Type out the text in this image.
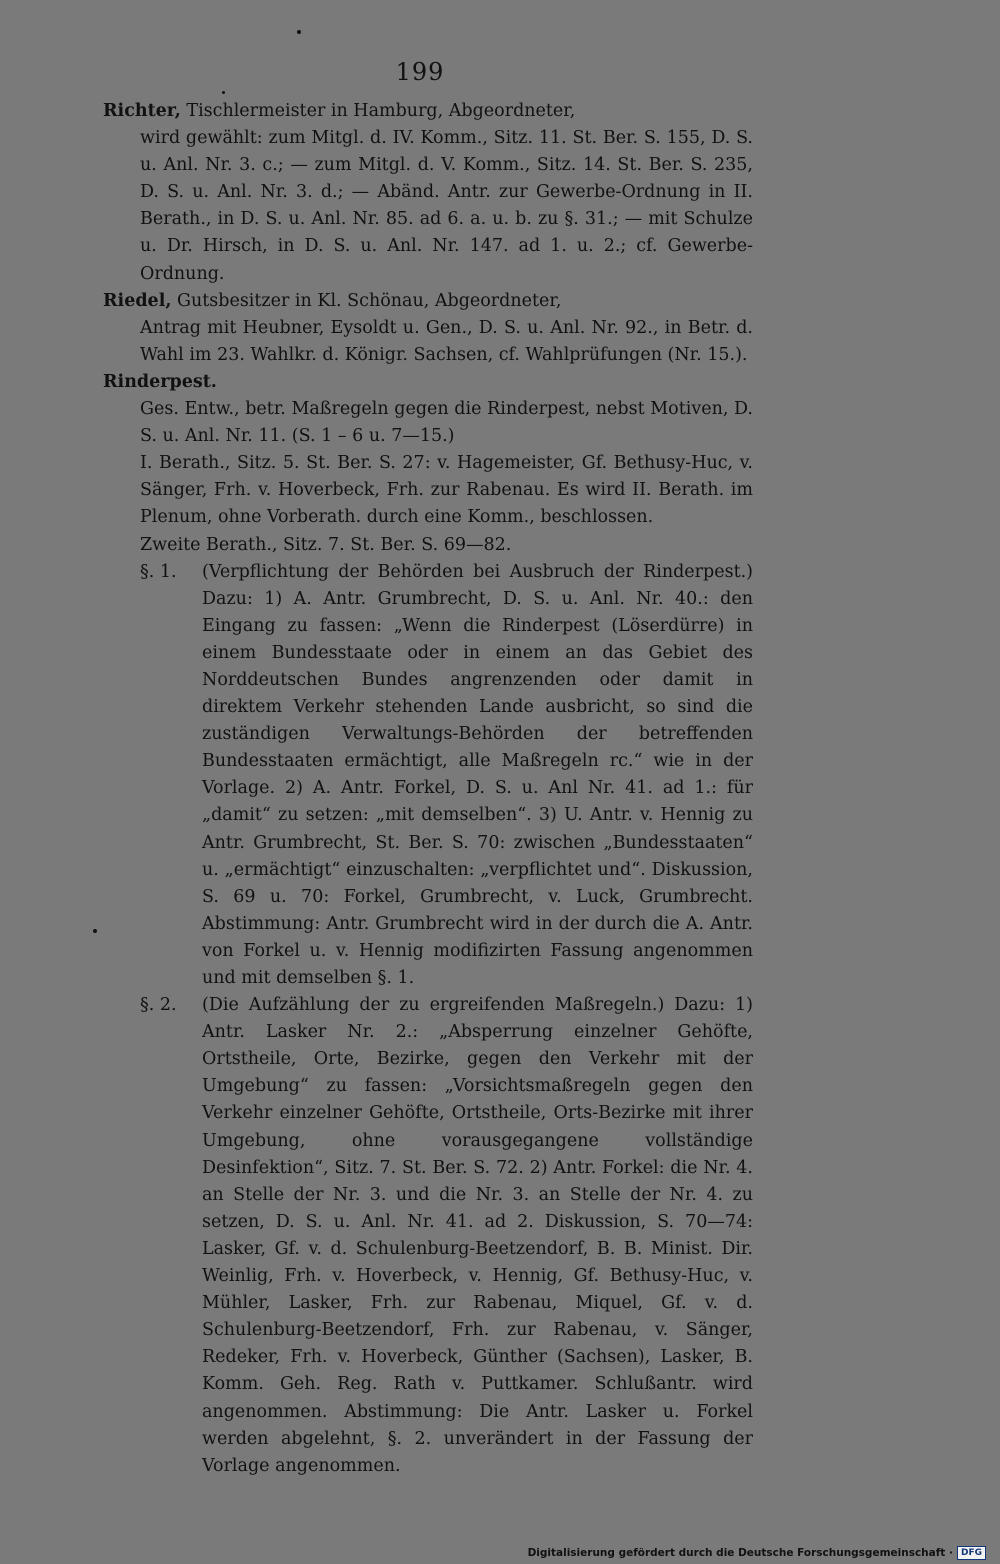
199

Richter, Tischlermeister in Hamburg, Abgeordneter,

wird gewählt: zum Mitgl. d. IV. Komm., Sitz. 11. St. Ber. S. 155, D. S. u. Anl. Nr. 3. c.; — zum Mitgl. d. V. Komm., Sitz. 14. St. Ber. S. 235, D. S. u. Anl. Nr. 3. d.; — Abänd. Antr. zur Gewerbe-Ordnung in II. Berath., in D. S. u. Anl. Nr. 85. ad 6. a. u. b. zu §. 31.; — mit Schulze u. Dr. Hirsch, in D. S. u. Anl. Nr. 147. ad 1. u. 2.; cf. Gewerbe-Ordnung.

Riedel, Gutsbesitzer in Kl. Schönau, Abgeordneter,

Antrag mit Heubner, Eysoldt u. Gen., D. S. u. Anl. Nr. 92., in Betr. d. Wahl im 23. Wahlkr. d. Königr. Sachsen, cf. Wahlprüfungen (Nr. 15.).

Rinderpest.

Ges. Entw., betr. Maßregeln gegen die Rinderpest, nebst Motiven, D. S. u. Anl. Nr. 11. (S. 1 – 6 u. 7—15.)

I. Berath., Sitz. 5. St. Ber. S. 27: v. Hagemeister, Gf. Bethusy-Huc, v. Sänger, Frh. v. Hoverbeck, Frh. zur Rabenau. Es wird II. Berath. im Plenum, ohne Vorberath. durch eine Komm., beschlossen.

Zweite Berath., Sitz. 7. St. Ber. S. 69—82.

§. 1.	(Verpflichtung der Behörden bei Ausbruch der Rinderpest.) Dazu: 1) A. Antr. Grumbrecht, D. S. u. Anl. Nr. 40.: den Eingang zu fassen: „Wenn die Rinderpest (Löserdürre) in einem Bundesstaate oder in einem an das Gebiet des Norddeutschen Bundes angrenzenden oder damit in direktem Verkehr stehenden Lande ausbricht, so sind die zuständigen Verwaltungs-Behörden der betreffenden Bundesstaaten ermächtigt, alle Maßregeln rc.“ wie in der Vorlage. 2) A. Antr. Forkel, D. S. u. Anl Nr. 41. ad 1.: für „damit“ zu setzen: „mit demselben“. 3) U. Antr. v. Hennig zu Antr. Grumbrecht, St. Ber. S. 70: zwischen „Bundesstaaten“ u. „ermächtigt“ einzuschalten: „verpflichtet und“. Diskussion, S. 69 u. 70: Forkel, Grumbrecht, v. Luck, Grumbrecht. Abstimmung: Antr. Grumbrecht wird in der durch die A. Antr. von Forkel u. v. Hennig modifizirten Fassung angenommen und mit demselben §. 1.
§. 2.	(Die Aufzählung der zu ergreifenden Maßregeln.) Dazu: 1) Antr. Lasker Nr. 2.: „Absperrung einzelner Gehöfte, Ortstheile, Orte, Bezirke, gegen den Verkehr mit der Umgebung“ zu fassen: „Vorsichtsmaßregeln gegen den Verkehr einzelner Gehöfte, Ortstheile, Orts-Bezirke mit ihrer Umgebung, ohne vorausgegangene vollständige Desinfektion“, Sitz. 7. St. Ber. S. 72. 2) Antr. Forkel: die Nr. 4. an Stelle der Nr. 3. und die Nr. 3. an Stelle der Nr. 4. zu setzen, D. S. u. Anl. Nr. 41. ad 2. Diskussion, S. 70—74: Lasker, Gf. v. d. Schulenburg-Beetzendorf, B. B. Minist. Dir. Weinlig, Frh. v. Hoverbeck, v. Hennig, Gf. Bethusy-Huc, v. Mühler, Lasker, Frh. zur Rabenau, Miquel, Gf. v. d. Schulenburg-Beetzendorf, Frh. zur Rabenau, v. Sänger, Redeker, Frh. v. Hoverbeck, Günther (Sachsen), Lasker, B. Komm. Geh. Reg. Rath v. Puttkamer. Schlußantr. wird angenommen. Abstimmung: Die Antr. Lasker u. Forkel werden abgelehnt, §. 2. unverändert in der Fassung der Vorlage angenommen.
Digitalisierung gefördert durch die Deutsche Forschungsgemeinschaft · DFG
